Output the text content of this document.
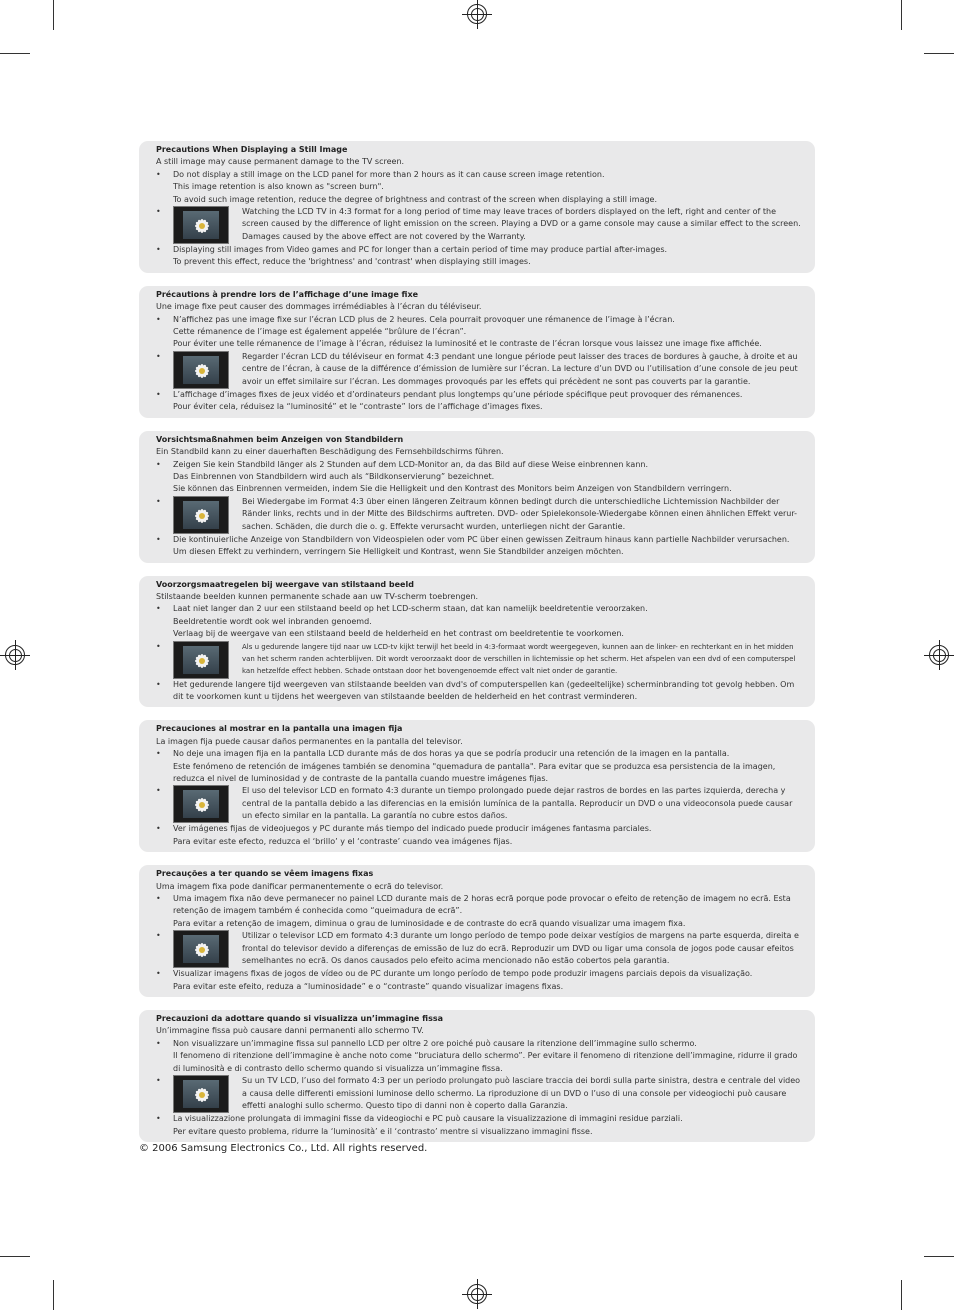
Precautions When Displaying a Still Image
A still image may cause permanent damage to the TV screen.
•	Do not display a still image on the LCD panel for more than 2 hours as it can cause screen image retention.
This image retention is also known as "screen burn".
To avoid such image retention, reduce the degree of brightness and contrast of the screen when displaying a still image.
•	Watching the LCD TV in 4:3 format for a long period of time may leave traces of borders displayed on the left, right and center of the screen caused by the difference of light emission on the screen. Playing a DVD or a game console may cause a similar effect to the screen. Damages caused by the above effect are not covered by the Warranty.
•	Displaying still images from Video games and PC for longer than a certain period of time may produce partial after-images.
To prevent this effect, reduce the 'brightness' and 'contrast' when displaying still images.
Précautions à prendre lors de l’affichage d’une image fixe
Une image fixe peut causer des dommages irrémédiables à l’écran du téléviseur.
•	N’affichez pas une image fixe sur l’écran LCD plus de 2 heures. Cela pourrait provoquer une rémanence de l’image à l’écran.
Cette rémanence de l’image est également appelée “brûlure de l’écran”.
Pour éviter une telle rémanence de l’image à l’écran, réduisez la luminosité et le contraste de l’écran lorsque vous laissez une image fixe affichée.
•	Regarder l’écran LCD du téléviseur en format 4:3 pendant une longue période peut laisser des traces de bordures à gauche, à droite et au centre de l’écran, à cause de la différence d’émission de lumière sur l’écran. La lecture d’un DVD ou l’utilisation d’une console de jeu peut avoir un effet similaire sur l’écran. Les dommages provoqués par les effets qui précèdent ne sont pas couverts par la garantie.
•	L’affichage d’images fixes de jeux vidéo et d’ordinateurs pendant plus longtemps qu’une période spécifique peut provoquer des rémanences.
Pour éviter cela, réduisez la “luminosité” et le “contraste” lors de l’affichage d’images fixes.
Vorsichtsmaßnahmen beim Anzeigen von Standbildern
Ein Standbild kann zu einer dauerhaften Beschädigung des Fernsehbildschirms führen.
•	Zeigen Sie kein Standbild länger als 2 Stunden auf dem LCD-Monitor an, da das Bild auf diese Weise einbrennen kann.
Das Einbrennen von Standbildern wird auch als “Bildkonservierung” bezeichnet.
Sie können das Einbrennen vermeiden, indem Sie die Helligkeit und den Kontrast des Monitors beim Anzeigen von Standbildern verringern.
•	Bei Wiedergabe im Format 4:3 über einen längeren Zeitraum können bedingt durch die unterschiedliche Lichtemission Nachbilder der Ränder links, rechts und in der Mitte des Bildschirms auftreten. DVD- oder Spielekonsole-Wiedergabe können einen ähnlichen Effekt verur-sachen. Schäden, die durch die o. g. Effekte verursacht wurden, unterliegen nicht der Garantie.
•	Die kontinuierliche Anzeige von Standbildern von Videospielen oder vom PC über einen gewissen Zeitraum hinaus kann partielle Nachbilder verursachen. Um diesen Effekt zu verhindern, verringern Sie Helligkeit und Kontrast, wenn Sie Standbilder anzeigen möchten.
Voorzorgsmaatregelen bij weergave van stilstaand beeld
Stilstaande beelden kunnen permanente schade aan uw TV-scherm toebrengen.
•	Laat niet langer dan 2 uur een stilstaand beeld op het LCD-scherm staan, dat kan namelijk beeldretentie veroorzaken.
Beeldretentie wordt ook wel inbranden genoemd.
Verlaag bij de weergave van een stilstaand beeld de helderheid en het contrast om beeldretentie te voorkomen.
•	Als u gedurende langere tijd naar uw LCD-tv kijkt terwijl het beeld in 4:3-formaat wordt weergegeven, kunnen aan de linker- en rechterkant en in het midden van het scherm randen achterblijven. Dit wordt veroorzaakt door de verschillen in lichtemissie op het scherm. Het afspelen van een dvd of een computerspel kan hetzelfde effect hebben. Schade ontstaan door het bovengenoemde effect valt niet onder de garantie.
•	Het gedurende langere tijd weergeven van stilstaande beelden van dvd's of computerspellen kan (gedeeltelijke) scherminbranding tot gevolg hebben. Om dit te voorkomen kunt u tijdens het weergeven van stilstaande beelden de helderheid en het contrast verminderen.
Precauciones al mostrar en la pantalla una imagen fija
La imagen fija puede causar daños permanentes en la pantalla del televisor.
•	No deje una imagen fija en la pantalla LCD durante más de dos horas ya que se podría producir una retención de la imagen en la pantalla.
Este fenómeno de retención de imágenes también se denomina "quemadura de pantalla". Para evitar que se produzca esa persistencia de la imagen, reduzca el nivel de luminosidad y de contraste de la pantalla cuando muestre imágenes fijas.
•	El uso del televisor LCD en formato 4:3 durante un tiempo prolongado puede dejar rastros de bordes en las partes izquierda, derecha y central de la pantalla debido a las diferencias en la emisión lumínica de la pantalla. Reproducir un DVD o una videoconsola puede causar un efecto similar en la pantalla. La garantía no cubre estos daños.
•	Ver imágenes fijas de videojuegos y PC durante más tiempo del indicado puede producir imágenes fantasma parciales.
Para evitar este efecto, reduzca el ‘brillo’ y el ‘contraste’ cuando vea imágenes fijas.
Precauções a ter quando se vêem imagens fixas
Uma imagem fixa pode danificar permanentemente o ecrã do televisor.
•	Uma imagem fixa não deve permanecer no painel LCD durante mais de 2 horas ecrã porque pode provocar o efeito de retenção de imagem no ecrã. Esta retenção de imagem também é conhecida como “queimadura de ecrã”.
Para evitar a retenção de imagem, diminua o grau de luminosidade e de contraste do ecrã quando visualizar uma imagem fixa.
•	Utilizar o televisor LCD em formato 4:3 durante um longo período de tempo pode deixar vestígios de margens na parte esquerda, direita e frontal do televisor devido a diferenças de emissão de luz do ecrã. Reproduzir um DVD ou ligar uma consola de jogos pode causar efeitos semelhantes no ecrã. Os danos causados pelo efeito acima mencionado não estão cobertos pela garantia.
•	Visualizar imagens fixas de jogos de vídeo ou de PC durante um longo período de tempo pode produzir imagens parciais depois da visualização.
Para evitar este efeito, reduza a “luminosidade” e o “contraste” quando visualizar imagens fixas.
Precauzioni da adottare quando si visualizza un’immagine fissa
Un’immagine fissa può causare danni permanenti allo schermo TV.
•	Non visualizzare un’immagine fissa sul pannello LCD per oltre 2 ore poiché può causare la ritenzione dell’immagine sullo schermo.
Il fenomeno di ritenzione dell’immagine è anche noto come “bruciatura dello schermo”. Per evitare il fenomeno di ritenzione dell’immagine, ridurre il grado di luminosità e di contrasto dello schermo quando si visualizza un’immagine fissa.
•	Su un TV LCD, l’uso del formato 4:3 per un periodo prolungato può lasciare traccia dei bordi sulla parte sinistra, destra e centrale del video a causa delle differenti emissioni luminose dello schermo. La riproduzione di un DVD o l’uso di una console per videogiochi può causare effetti analoghi sullo schermo. Questo tipo di danni non è coperto dalla Garanzia.
•	La visualizzazione prolungata di immagini fisse da videogiochi e PC può causare la visualizzazione di immagini residue parziali.
Per evitare questo problema, ridurre la ‘luminosità’ e il ‘contrasto’ mentre si visualizzano immagini fisse.
© 2006 Samsung Electronics Co., Ltd. All rights reserved.
